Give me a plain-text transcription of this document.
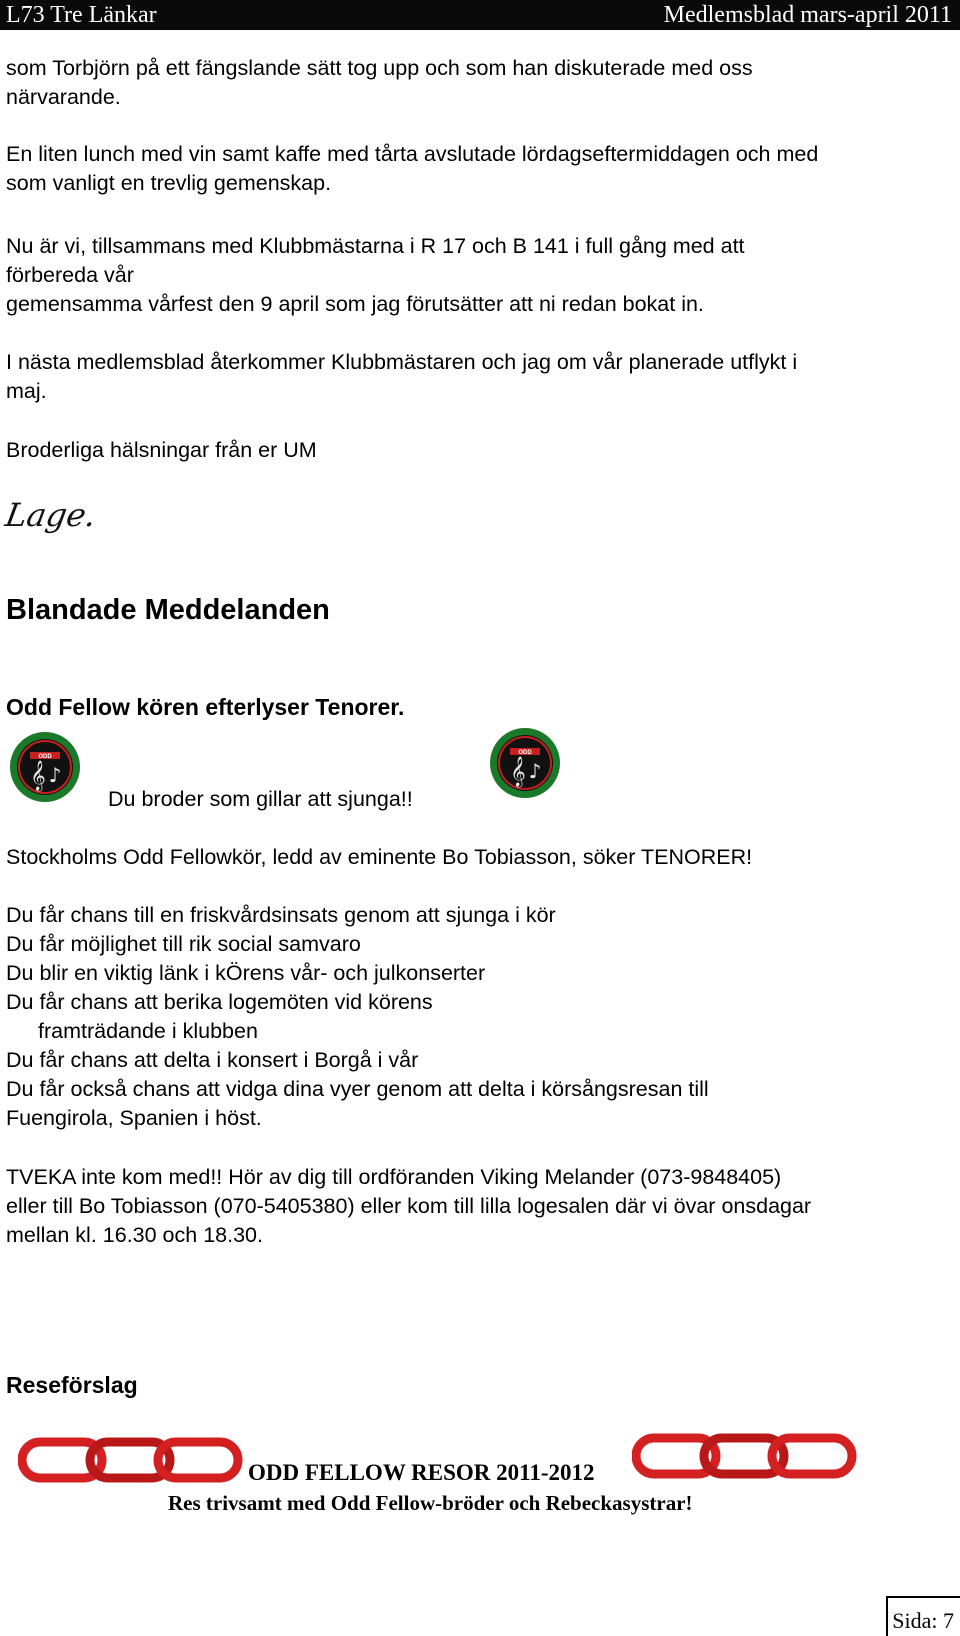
L73 Tre Länkar	Medlemsblad mars-april 2011
som Torbjörn på ett fängslande sätt tog upp och som han diskuterade med oss
närvarande.
En liten lunch med vin samt kaffe med tårta avslutade lördagseftermiddagen och med
som vanligt en trevlig gemenskap.
Nu är vi, tillsammans med Klubbmästarna i R 17 och B 141 i full gång med att
förbereda vår
gemensamma vårfest den 9 april som jag förutsätter att ni redan bokat in.
I nästa medlemsblad återkommer Klubbmästaren och jag om vår planerade utflykt i
maj.
Broderliga hälsningar från er UM
Lage.
Blandade Meddelanden
Odd Fellow kören efterlyser Tenorer.
ODD
𝄞 ♪
Du broder som gillar att sjunga!!
ODD
𝄞 ♪
Stockholms Odd Fellowkör, ledd av eminente Bo Tobiasson, söker TENORER!
Du får chans till en friskvårdsinsats genom att sjunga i kör
Du får möjlighet till rik social samvaro
Du blir en viktig länk i kÖrens vår- och julkonserter
Du får chans att berika logemöten vid körens
framträdande i klubben
Du får chans att delta i konsert i Borgå i vår
Du får också chans att vidga dina vyer genom att delta i körsångsresan till
Fuengirola, Spanien i höst.
TVEKA inte kom med!! Hör av dig till ordföranden Viking Melander (073-9848405)
eller till Bo Tobiasson (070-5405380) eller kom till lilla logesalen där vi övar onsdagar
mellan kl. 16.30 och 18.30.
Reseförslag
ODD FELLOW RESOR 2011-2012
Res trivsamt med Odd Fellow-bröder och Rebeckasystrar!
Sida: 7
